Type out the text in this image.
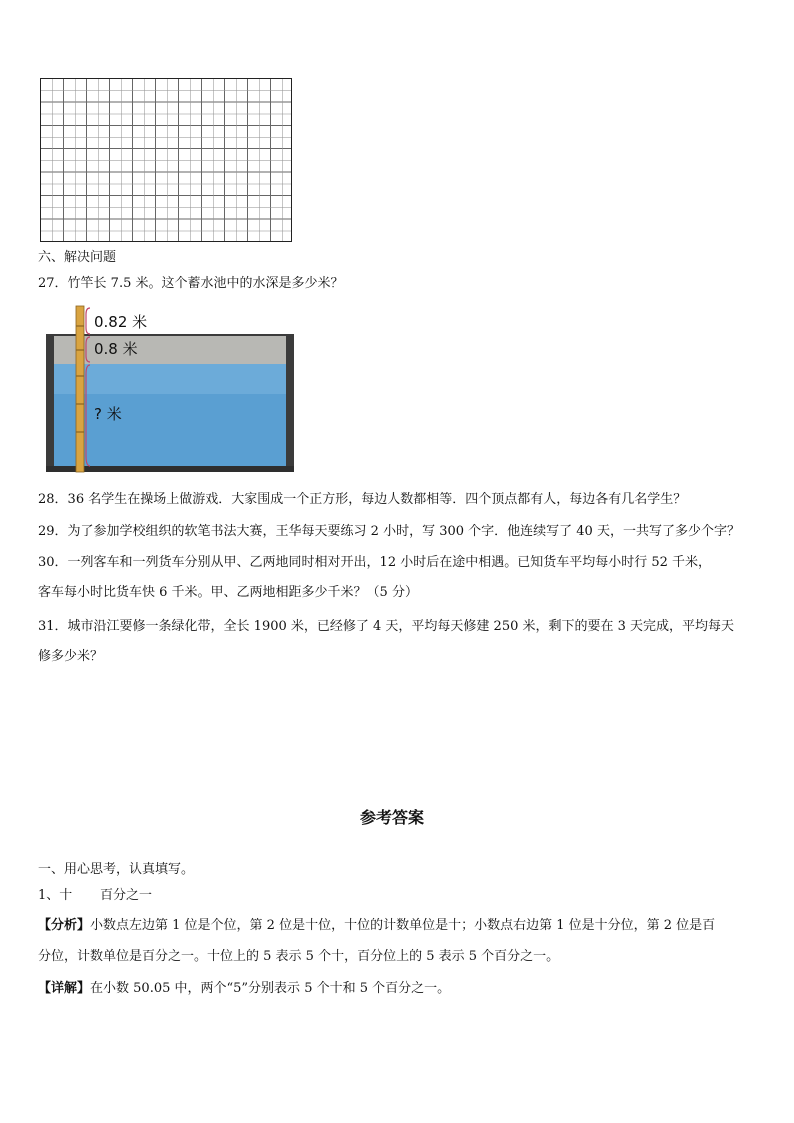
六、解决问题
27．竹竿长 7.5 米。这个蓄水池中的水深是多少米？
0.82 米
0.8 米
? 米
28．36 名学生在操场上做游戏．大家围成一个正方形，每边人数都相等．四个顶点都有人，每边各有几名学生？
29．为了参加学校组织的软笔书法大赛，王华每天要练习 2 小时，写 300 个字．他连续写了 40 天，一共写了多少个字？
30．一列客车和一列货车分别从甲、乙两地同时相对开出，12 小时后在途中相遇。已知货车平均每小时行 52 千米，
客车每小时比货车快 6 千米。甲、乙两地相距多少千米？（5 分）
31．城市沿江要修一条绿化带，全长 1900 米，已经修了 4 天，平均每天修建 250 米，剩下的要在 3 天完成，平均每天
修多少米？
参考答案
一、用心思考，认真填写。
1、十 百分之一
【分析】小数点左边第 1 位是个位，第 2 位是十位，十位的计数单位是十；小数点右边第 1 位是十分位，第 2 位是百
分位，计数单位是百分之一。十位上的 5 表示 5 个十，百分位上的 5 表示 5 个百分之一。
【详解】在小数 50.05 中，两个“5”分别表示 5 个十和 5 个百分之一。
